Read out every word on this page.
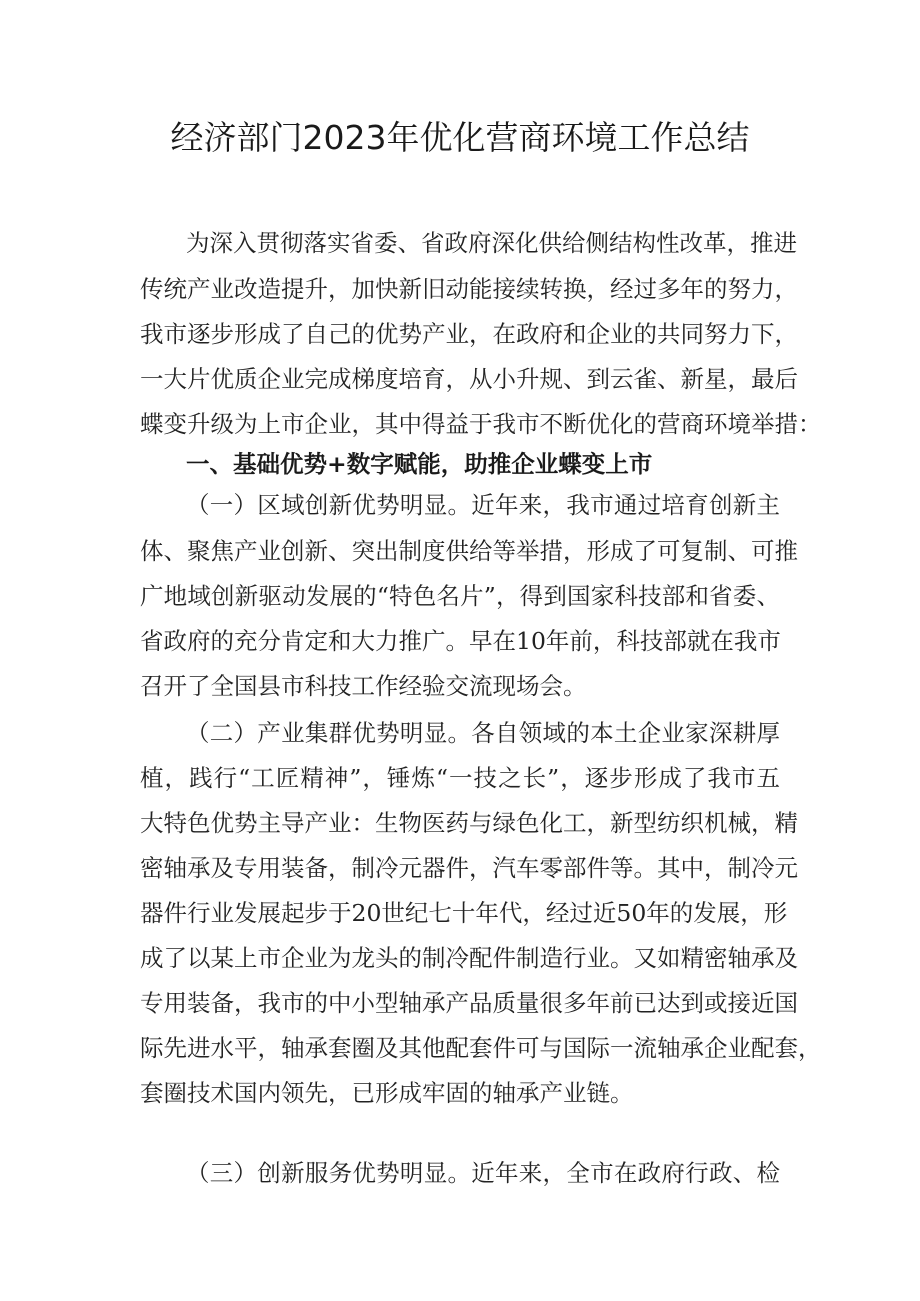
经济部门2023年优化营商环境工作总结
为深入贯彻落实省委、省政府深化供给侧结构性改革，推进
传统产业改造提升，加快新旧动能接续转换，经过多年的努力，
我市逐步形成了自己的优势产业，在政府和企业的共同努力下，
一大片优质企业完成梯度培育，从小升规、到云雀、新星，最后
蝶变升级为上市企业，其中得益于我市不断优化的营商环境举措：
一、基础优势+数字赋能，助推企业蝶变上市
（一）区域创新优势明显。近年来，我市通过培育创新主
体、聚焦产业创新、突出制度供给等举措，形成了可复制、可推
广地域创新驱动发展的“特色名片”，得到国家科技部和省委、
省政府的充分肯定和大力推广。早在10年前，科技部就在我市
召开了全国县市科技工作经验交流现场会。
（二）产业集群优势明显。各自领域的本土企业家深耕厚
植，践行“工匠精神”，锤炼“一技之长”，逐步形成了我市五
大特色优势主导产业：生物医药与绿色化工，新型纺织机械，精
密轴承及专用装备，制冷元器件，汽车零部件等。其中，制冷元
器件行业发展起步于20世纪七十年代，经过近50年的发展，形
成了以某上市企业为龙头的制冷配件制造行业。又如精密轴承及
专用装备，我市的中小型轴承产品质量很多年前已达到或接近国
际先进水平，轴承套圈及其他配套件可与国际一流轴承企业配套，
套圈技术国内领先，已形成牢固的轴承产业链。
（三）创新服务优势明显。近年来，全市在政府行政、检
